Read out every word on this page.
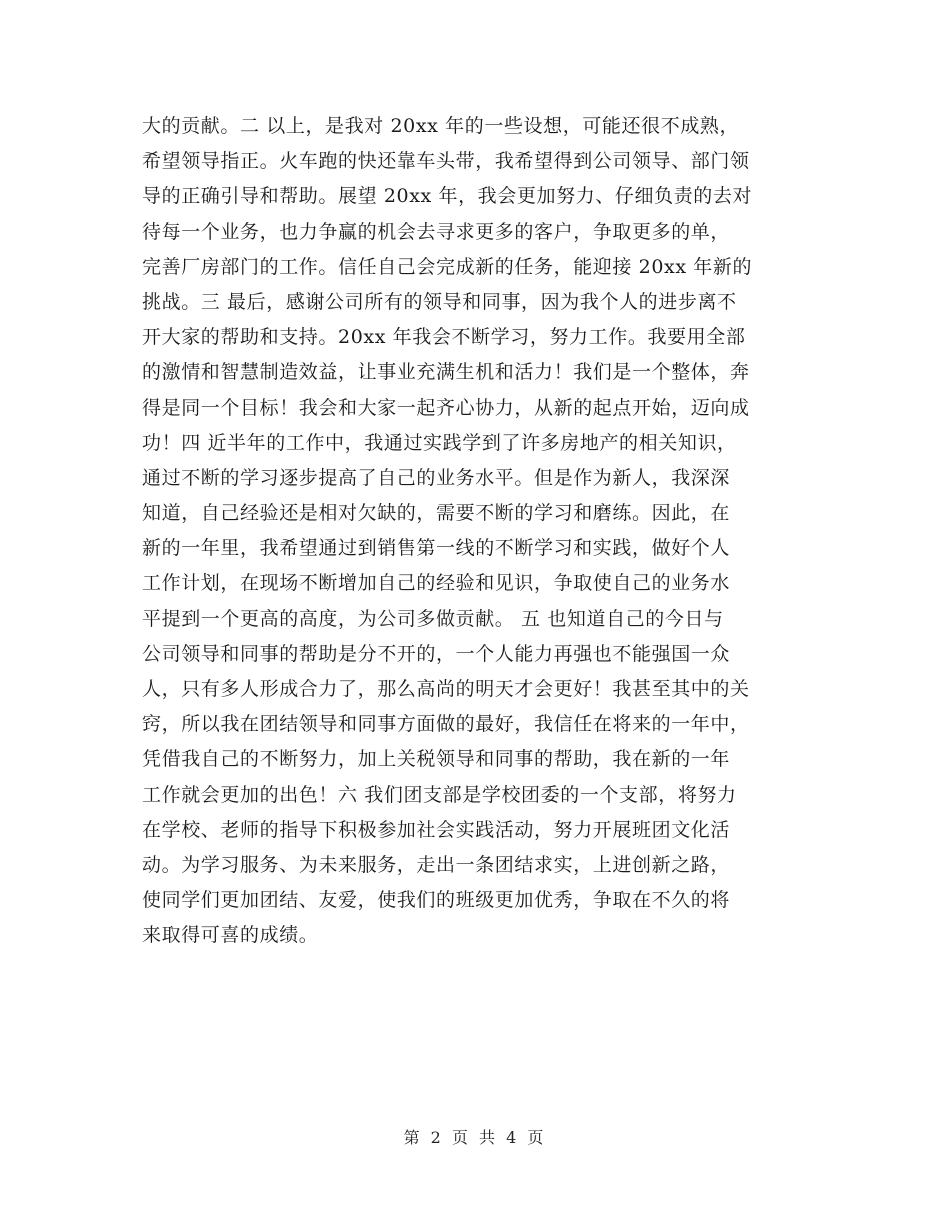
大的贡献。二 以上，是我对 20xx 年的一些设想，可能还很不成熟，
希望领导指正。火车跑的快还靠车头带，我希望得到公司领导、部门领
导的正确引导和帮助。展望 20xx 年，我会更加努力、仔细负责的去对
待每一个业务，也力争赢的机会去寻求更多的客户，争取更多的单，
完善厂房部门的工作。信任自己会完成新的任务，能迎接 20xx 年新的
挑战。三 最后，感谢公司所有的领导和同事，因为我个人的进步离不
开大家的帮助和支持。20xx 年我会不断学习，努力工作。我要用全部
的激情和智慧制造效益，让事业充满生机和活力！我们是一个整体，奔
得是同一个目标！我会和大家一起齐心协力，从新的起点开始，迈向成
功！四 近半年的工作中，我通过实践学到了许多房地产的相关知识，
通过不断的学习逐步提高了自己的业务水平。但是作为新人，我深深
知道，自己经验还是相对欠缺的，需要不断的学习和磨练。因此，在
新的一年里，我希望通过到销售第一线的不断学习和实践，做好个人
工作计划，在现场不断增加自己的经验和见识，争取使自己的业务水
平提到一个更高的高度，为公司多做贡献。 五 也知道自己的今日与
公司领导和同事的帮助是分不开的，一个人能力再强也不能强国一众
人，只有多人形成合力了，那么高尚的明天才会更好！我甚至其中的关
窍，所以我在团结领导和同事方面做的最好，我信任在将来的一年中，
凭借我自己的不断努力，加上关税领导和同事的帮助，我在新的一年
工作就会更加的出色！六 我们团支部是学校团委的一个支部，将努力
在学校、老师的指导下积极参加社会实践活动，努力开展班团文化活
动。为学习服务、为未来服务，走出一条团结求实，上进创新之路，
使同学们更加团结、友爱，使我们的班级更加优秀，争取在不久的将
来取得可喜的成绩。
第 2 页 共 4 页
